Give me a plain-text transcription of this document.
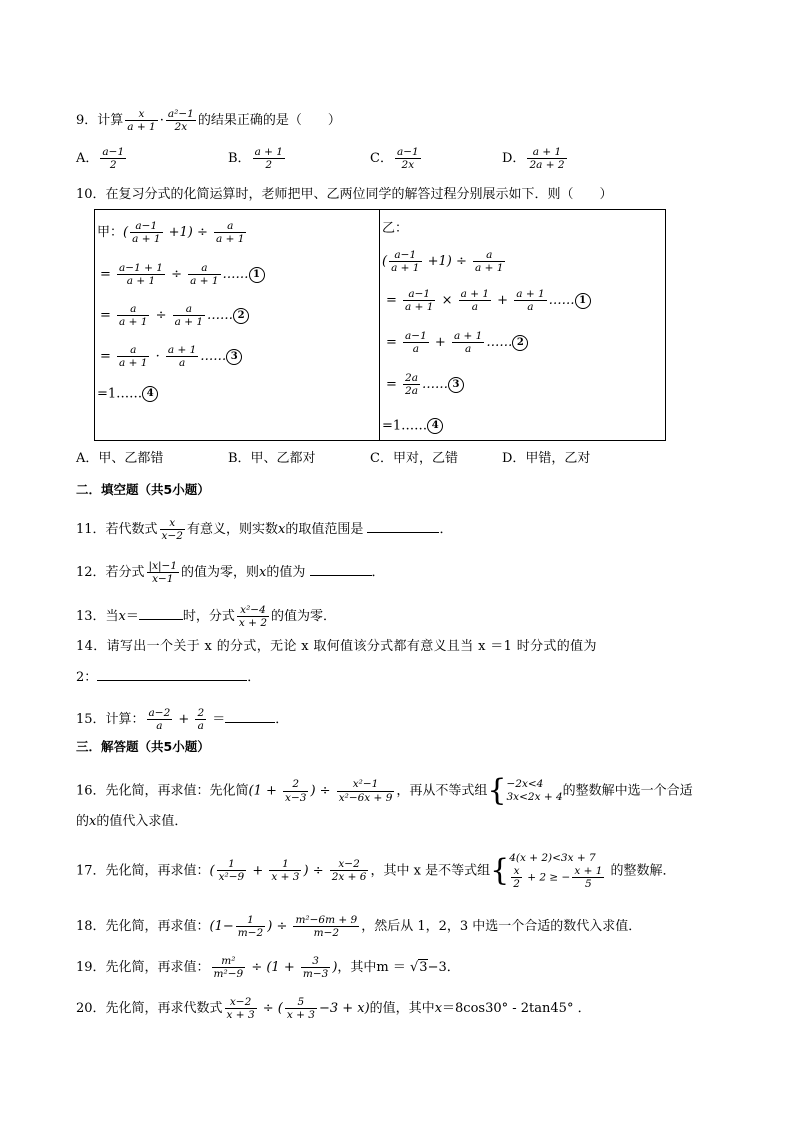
9．计算 $\frac{x}{a + 1} \cdot \frac{\text{a²−1}}{2x}$ 的结果正确的是（　　）
A． $\frac{a-1}{2}$	B． $\frac{a + 1}{2}$	C． $\frac{a-1}{2x}$	D． $\frac{a + 1}{2a + 2}$
10．在复习分式的化简运算时，老师把甲、乙两位同学的解答过程分别展示如下．则（　　）
甲：( $\frac{a-1}{a + 1} +1) \div \frac{a}{a + 1}$
= $\frac{a-1 + 1}{a + 1} \div \frac{a}{a + 1}$ …… 1
= $\frac{a}{a + 1} \div \frac{a}{a + 1}$ …… 2
= $\frac{a}{a + 1} \cdot \frac{a + 1}{a}$ …… 3
=1…… 4
乙：
( $\frac{a-1}{a + 1} +1) \div \frac{a}{a + 1}$
= $\frac{a-1}{a + 1} \times \frac{a + 1}{a} + \frac{a + 1}{a}$ …… 1
= $\frac{a-1}{a} + \frac{a + 1}{a}$ …… 2
= $\frac{2a}{2a}$ …… 3
=1…… 4
A．甲、乙都错	B．甲、乙都对	C．甲对，乙错	D．甲错，乙对
二．填空题（共5小题）
11．若代数式 $\frac{x}{x-2}$ 有意义，则实数x的取值范围是	．
12．若分式 $\frac{|x|-1}{x-1}$ 的值为零，则x的值为	．
13．当x＝	时，分式 $\frac{\text{x²−4}}{x + 2}$ 的值为零．
14．请写出一个关于 x 的分式，无论 x 取何值该分式都有意义且当 x ＝1 时分式的值为
2：	．
15．计算： $\frac{a-2}{a} + \frac{2}{a}$ ＝	．
三．解答题（共5小题）
16．先化简，再求值：先化简($1 + \frac{2}{x-3}$ ) ÷ $\frac{\text{x²−1}}{\text{x²−6x + 9}}$ ，再从不等式组{ −2x<4
3x<2x + 4 的整数解中选一个合适
的x的值代入求值．
17．先化简，再求值：( $\frac{1}{\text{x²−9}} + \frac{1}{x + 3}$ ) ÷ $\frac{x-2}{2x + 6}$ ，其中 x 是不等式组{ 4(x + 2)<3x + 7
$\frac{x}{2} + 2$ ≥ − $\frac{x + 1}{5}$ 的整数解．
18．先化简，再求值：($1- \frac{1}{m-2}$ ) ÷ $\frac{\text{m²−6m + 9}}{m-2}$ ，然后从 1，2，3 中选一个合适的数代入求值．
19．先化简，再求值： $\frac{\text{m²}}{\text{m²−9}} \div (1 + \frac{3}{m-3}$ )，其中m ＝ √3−3．
20．先化简，再求代数式 $\frac{x-2}{x + 3}$ ÷ ( $\frac{5}{x + 3} -3 + x$)的值，其中x＝8cos30° - 2tan45° ．
